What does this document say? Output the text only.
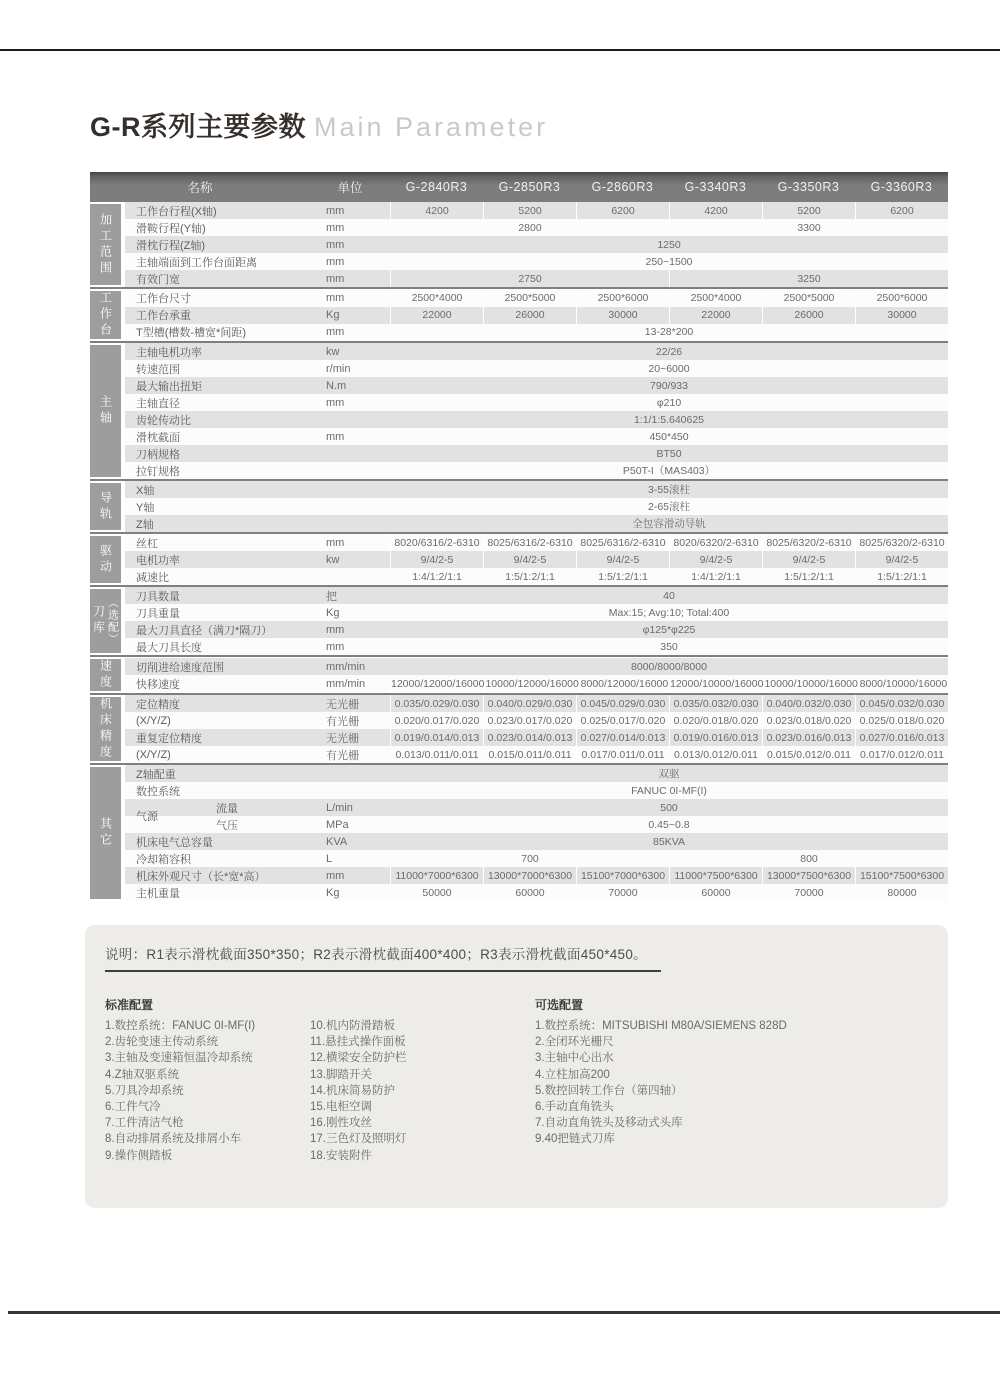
G-R系列主要参数 Main Parameter
名称	单位	G-2840R3	G-2850R3	G-2860R3	G-3340R3	G-3350R3	G-3360R3
加工范围
工作台行程(X轴)	mm	4200	5200	6200	4200	5200	6200
滑鞍行程(Y轴)	mm	2800	3300
滑枕行程(Z轴)	mm	1250
主轴端面到工作台面距离	mm	250~1500
有效门宽	mm	2750	3250
工作台 工作台尺寸	mm	2500*4000	2500*5000	2500*6000	2500*4000	2500*5000	2500*6000
工作台承重	Kg	22000	26000	30000	22000	26000	30000
T型槽(槽数-槽宽*间距)	mm	13-28*200
主轴
主轴电机功率	kw	22/26
转速范围	r/min	20~6000
最大输出扭矩	N.m	790/933
主轴直径	mm	φ210
齿轮传动比	1:1/1:5.640625
滑枕截面	mm	450*450
刀柄规格	BT50
拉钉规格	P50T-I（MAS403）
导轨 X轴	3-55滚柱
Y轴	2-65滚柱
Z轴	全包容滑动导轨
驱动 丝杠	mm	8020/6316/2-6310 8025/6316/2-6310 8025/6316/2-6310 8020/6320/2-6310 8025/6320/2-6310 8025/6320/2-6310
电机功率	kw	9/4/2-5	9/4/2-5	9/4/2-5	9/4/2-5	9/4/2-5	9/4/2-5
减速比	1:4/1:2/1:1	1:5/1:2/1:1	1:5/1:2/1:1	1:4/1:2/1:1	1:5/1:2/1:1	1:5/1:2/1:1
刀库 （选配）
刀具数量	把	40
刀具重量	Kg	Max:15; Avg:10; Total:400
最大刀具直径（满刀*隔刀）	mm	φ125*φ225
最大刀具长度	mm	350
速度 切削进给速度范围	mm/min	8000/8000/8000
快移速度	mm/min	12000/12000/16000 10000/12000/16000 8000/12000/16000 12000/10000/16000 10000/10000/16000 8000/10000/16000
机床精度 定位精度	无光栅	0.035/0.029/0.030 0.040/0.029/0.030 0.045/0.029/0.030 0.035/0.032/0.030 0.040/0.032/0.030 0.045/0.032/0.030
(X/Y/Z)	有光栅	0.020/0.017/0.020 0.023/0.017/0.020 0.025/0.017/0.020 0.020/0.018/0.020 0.023/0.018/0.020 0.025/0.018/0.020
重复定位精度	无光栅	0.019/0.014/0.013 0.023/0.014/0.013 0.027/0.014/0.013 0.019/0.016/0.013 0.023/0.016/0.013 0.027/0.016/0.013
(X/Y/Z)	有光栅	0.013/0.011/0.011 0.015/0.011/0.011 0.017/0.011/0.011 0.013/0.012/0.011 0.015/0.012/0.011 0.017/0.012/0.011
其它
Z轴配重	双驱
数控系统	FANUC 0I-MF(I)
气源
流量	L/min	500
气压	MPa	0.45~0.8
机床电气总容量	KVA	85KVA
冷却箱容积	L	700	800
机床外观尺寸（长*宽*高）	mm	11000*7000*6300 13000*7000*6300 15100*7000*6300 11000*7500*6300 13000*7500*6300 15100*7500*6300
主机重量	Kg	50000	60000	70000	60000	70000	80000
说明：R1表示滑枕截面350*350；R2表示滑枕截面400*400；R3表示滑枕截面450*450。
标准配置
1.数控系统：FANUC 0I-MF(I)
2.齿轮变速主传动系统
3.主轴及变速箱恒温冷却系统
4.Z轴双驱系统
5.刀具冷却系统
6.工件气冷
7.工件清洁气枪
8.自动排屑系统及排屑小车
9.操作侧踏板
10.机内防滑踏板
11.悬挂式操作面板
12.横梁安全防护栏
13.脚踏开关
14.机床简易防护
15.电柜空调
16.刚性攻丝
17.三色灯及照明灯
18.安装附件
可选配置
1.数控系统：MITSUBISHI M80A/SIEMENS 828D
2.全闭环光栅尺
3.主轴中心出水
4.立柱加高200
5.数控回转工作台（第四轴）
6.手动直角铣头
7.自动直角铣头及移动式头库
9.40把链式刀库
